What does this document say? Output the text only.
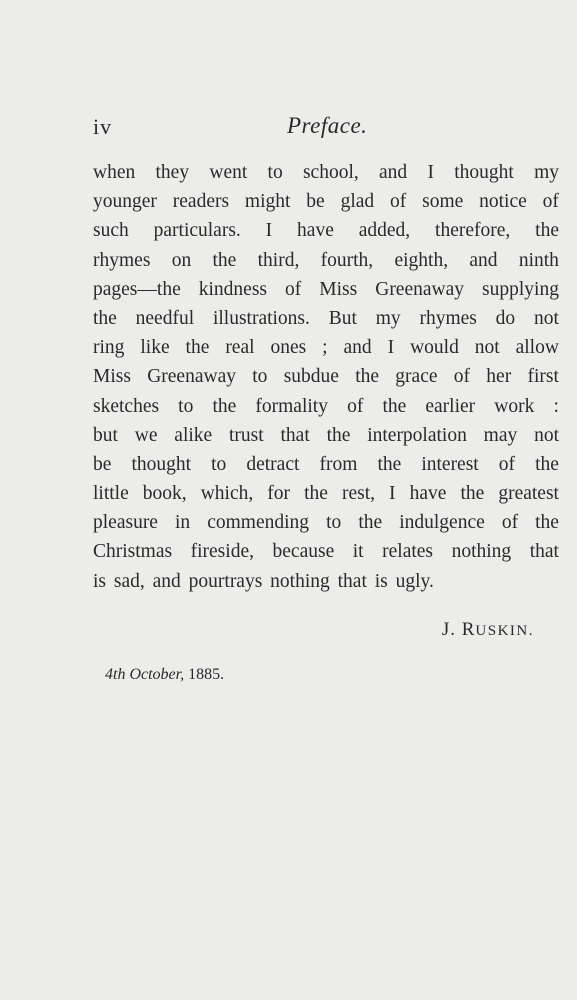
iv	Preface.
when they went to school, and I thought my
younger readers might be glad of some notice of
such particulars. I have added, therefore, the
rhymes on the third, fourth, eighth, and ninth
pages—the kindness of Miss Greenaway supplying
the needful illustrations. But my rhymes do not
ring like the real ones ; and I would not allow
Miss Greenaway to subdue the grace of her first
sketches to the formality of the earlier work :
but we alike trust that the interpolation may not
be thought to detract from the interest of the
little book, which, for the rest, I have the greatest
pleasure in commending to the indulgence of the
Christmas fireside, because it relates nothing that
is sad, and pourtrays nothing that is ugly.
J. RUSKIN.
4th October, 1885.
